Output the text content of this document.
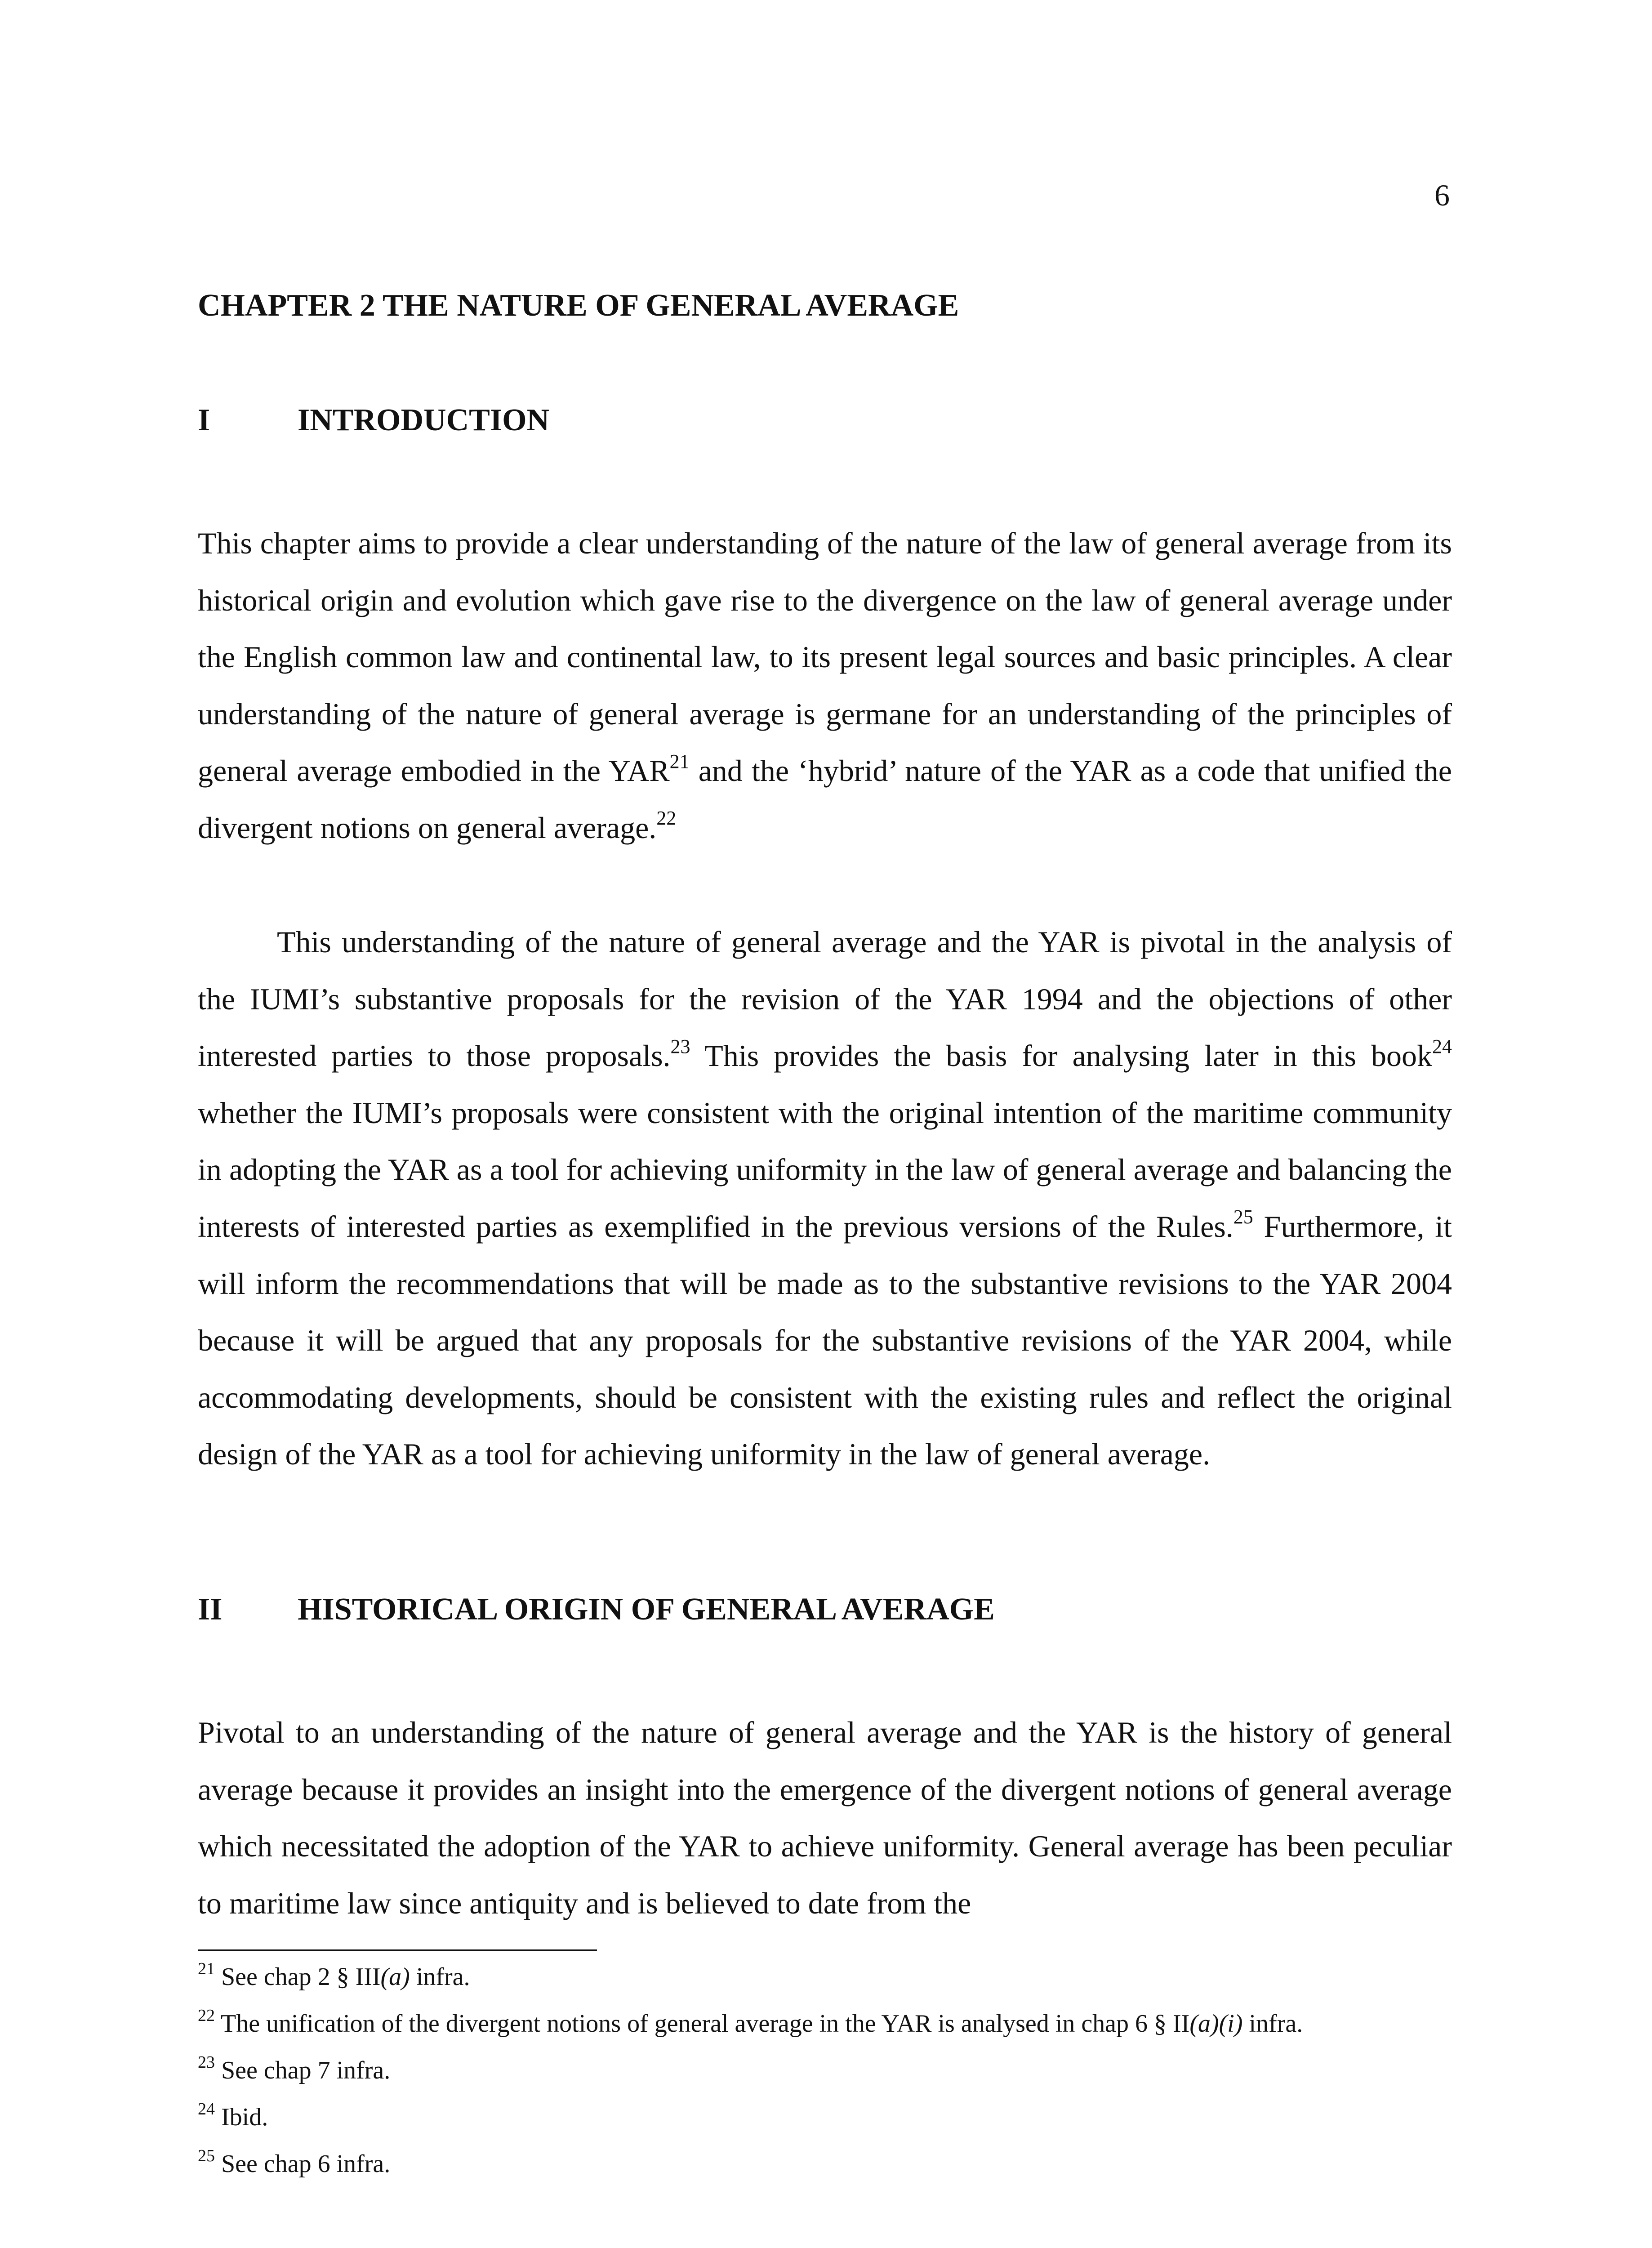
6
CHAPTER 2 THE NATURE OF GENERAL AVERAGE
I	INTRODUCTION

This chapter aims to provide a clear understanding of the nature of the law of general average from its historical origin and evolution which gave rise to the divergence on the law of general average under the English common law and continental law, to its present legal sources and basic principles. A clear understanding of the nature of general average is germane for an understanding of the principles of general average embodied in the YAR$^{21}$ and the ‘hybrid’ nature of the YAR as a code that unified the divergent notions on general average.$^{22}$

This understanding of the nature of general average and the YAR is pivotal in the analysis of the IUMI’s substantive proposals for the revision of the YAR 1994 and the objections of other interested parties to those proposals.$^{23}$ This provides the basis for analysing later in this book$^{24}$ whether the IUMI’s proposals were consistent with the original intention of the maritime community in adopting the YAR as a tool for achieving uniformity in the law of general average and balancing the interests of interested parties as exemplified in the previous versions of the Rules.$^{25}$ Furthermore, it will inform the recommendations that will be made as to the substantive revisions to the YAR 2004 because it will be argued that any proposals for the substantive revisions of the YAR 2004, while accommodating developments, should be consistent with the existing rules and reflect the original design of the YAR as a tool for achieving uniformity in the law of general average.

II HISTORICAL ORIGIN OF GENERAL AVERAGE

Pivotal to an understanding of the nature of general average and the YAR is the history of general average because it provides an insight into the emergence of the divergent notions of general average which necessitated the adoption of the YAR to achieve uniformity. General average has been peculiar to maritime law since antiquity and is believed to date from the

$^{21}$ See chap 2 § III(a) infra.
$^{22}$ The unification of the divergent notions of general average in the YAR is analysed in chap 6 § II(a)(i) infra.
$^{23}$ See chap 7 infra.
$^{24}$ Ibid.
$^{25}$ See chap 6 infra.
